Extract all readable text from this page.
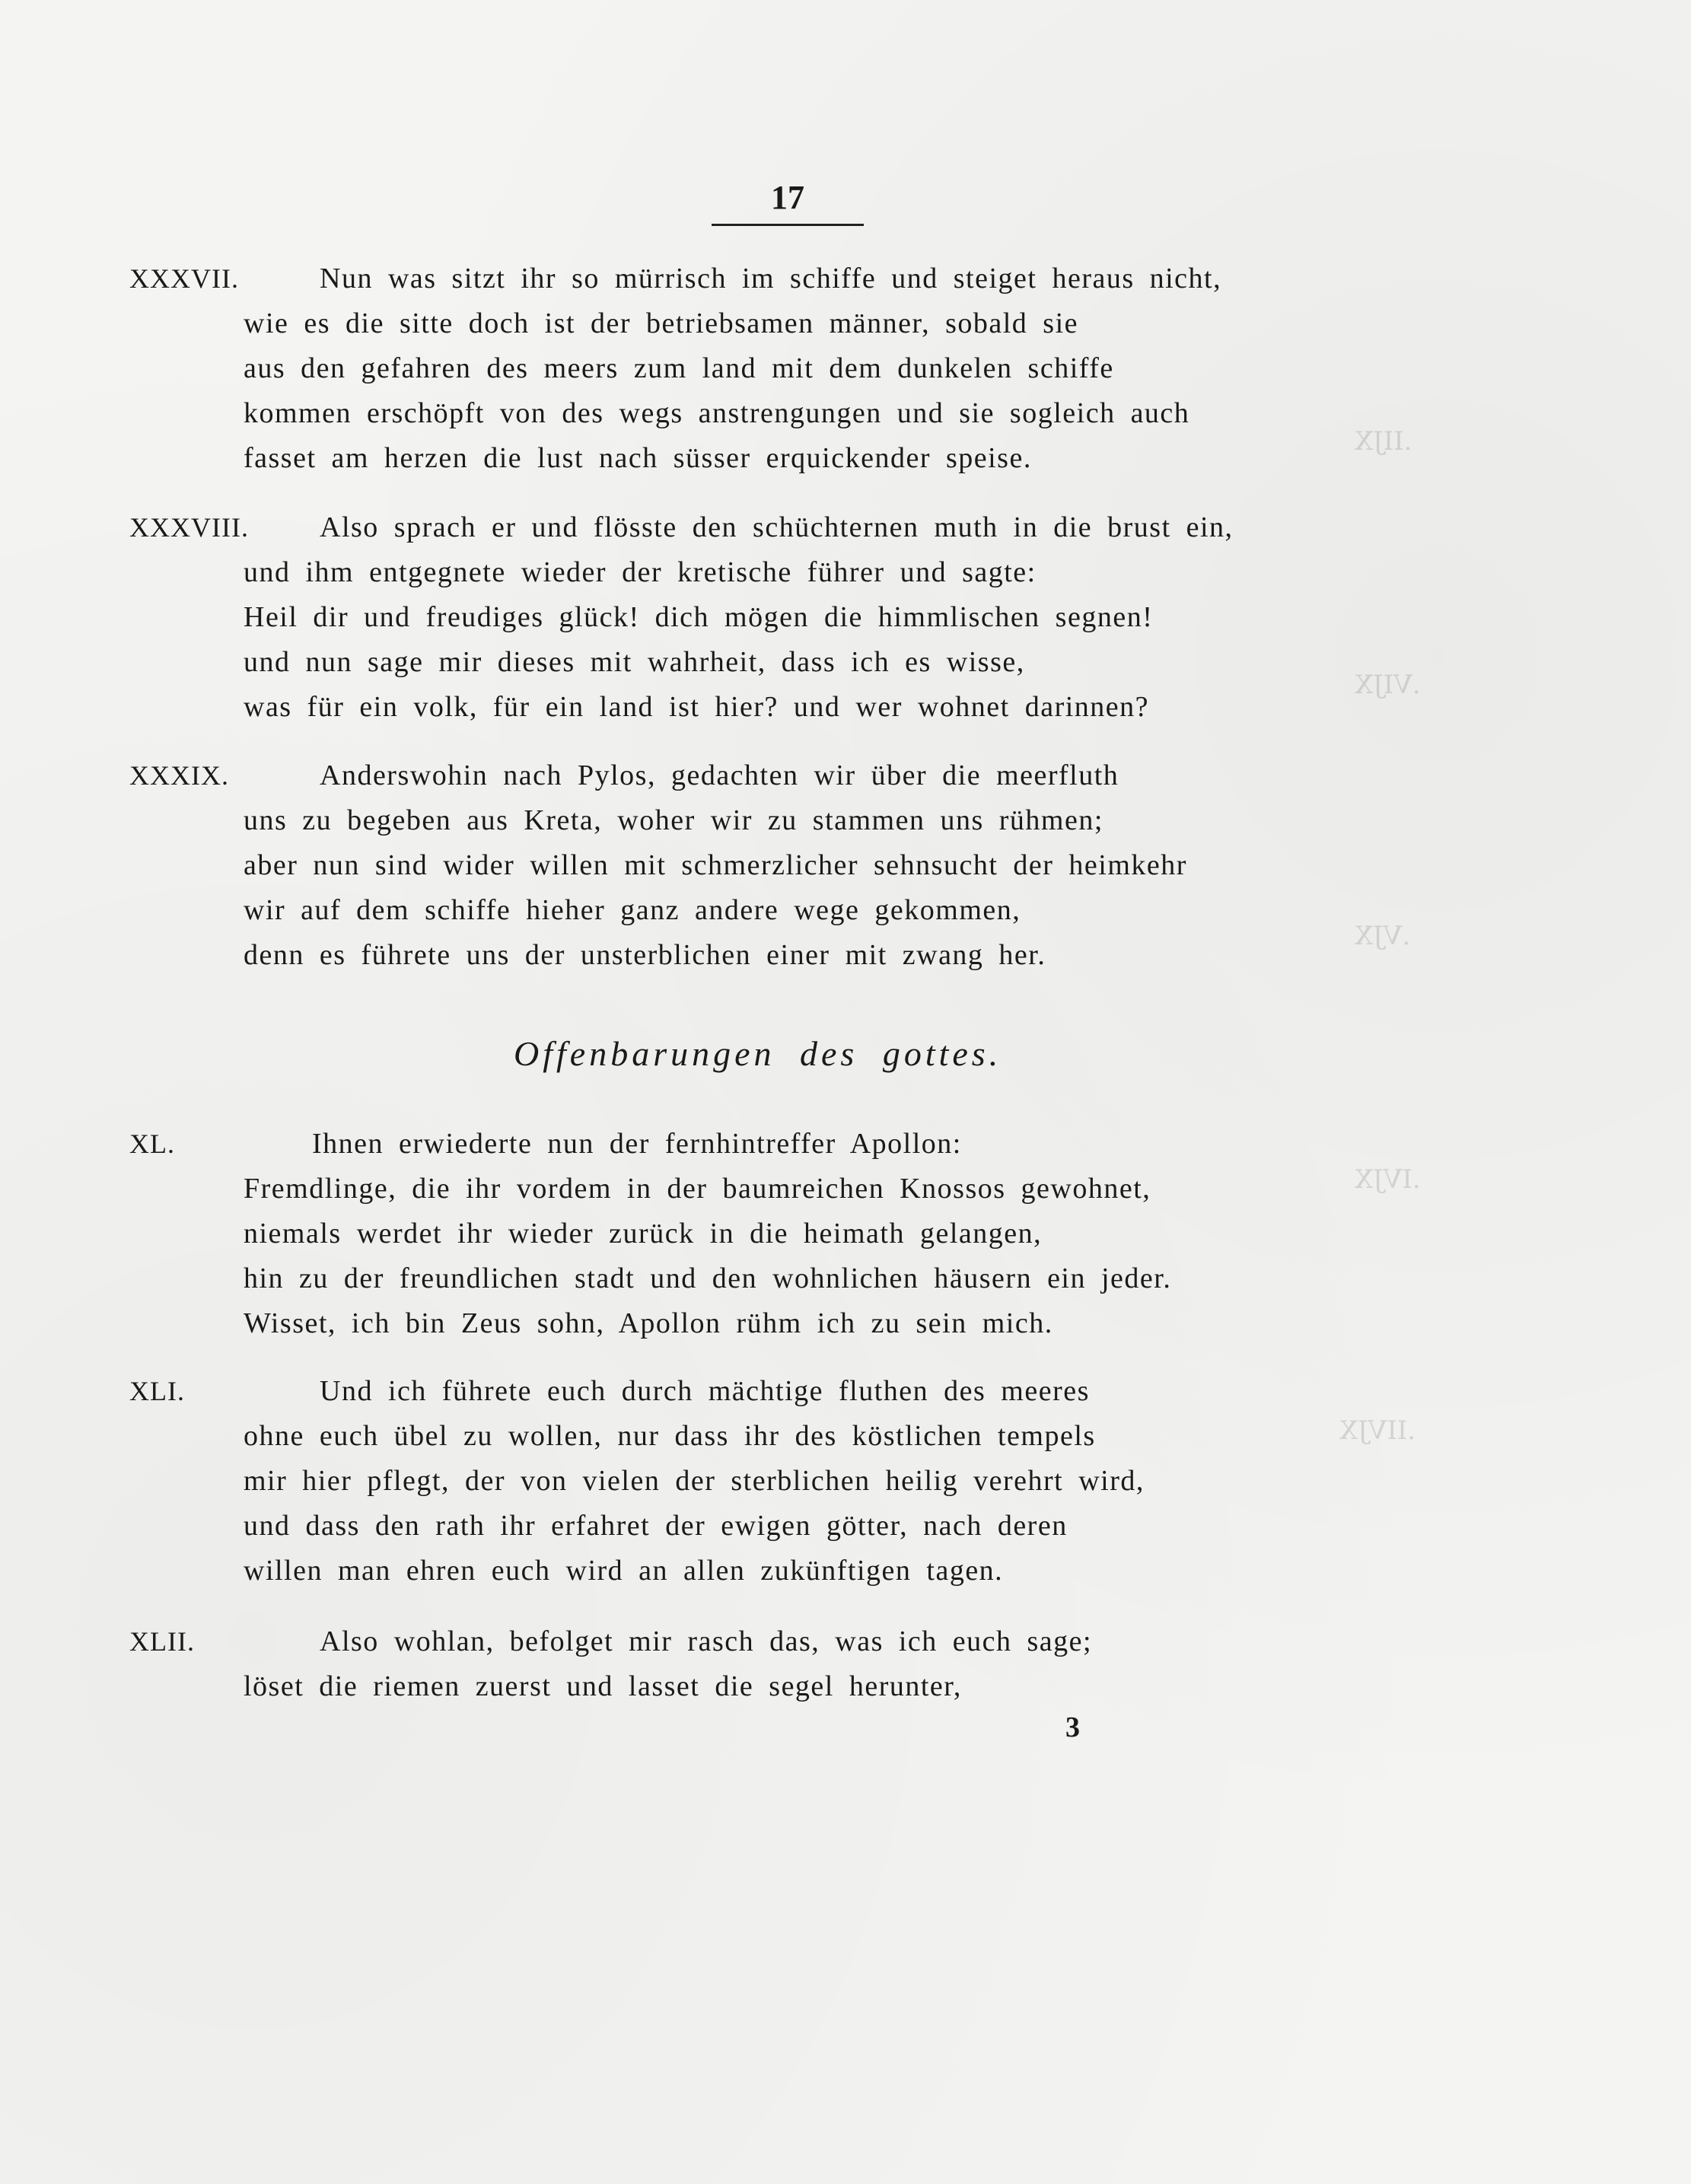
.IIJX
.VIJX
.VJX
.IVJX
.IIVJX
17
XXXVII.	Nun was sitzt ihr so mürrisch im schiffe und steiget heraus nicht,
wie es die sitte doch ist der betriebsamen männer, sobald sie
aus den gefahren des meers zum land mit dem dunkelen schiffe
kommen erschöpft von des wegs anstrengungen und sie sogleich auch
fasset am herzen die lust nach süsser erquickender speise.
XXXVIII. Also sprach er und flösste den schüchternen muth in die brust ein,
und ihm entgegnete wieder der kretische führer und sagte:
Heil dir und freudiges glück! dich mögen die himmlischen segnen!
und nun sage mir dieses mit wahrheit, dass ich es wisse,
was für ein volk, für ein land ist hier? und wer wohnet darinnen?
XXXIX.	Anderswohin nach Pylos, gedachten wir über die meerfluth
uns zu begeben aus Kreta, woher wir zu stammen uns rühmen;
aber nun sind wider willen mit schmerzlicher sehnsucht der heimkehr
wir auf dem schiffe hieher ganz andere wege gekommen,
denn es führete uns der unsterblichen einer mit zwang her.
Offenbarungen des gottes.
XL.	Ihnen erwiederte nun der fernhintreffer Apollon:
Fremdlinge, die ihr vordem in der baumreichen Knossos gewohnet,
niemals werdet ihr wieder zurück in die heimath gelangen,
hin zu der freundlichen stadt und den wohnlichen häusern ein jeder.
Wisset, ich bin Zeus sohn, Apollon rühm ich zu sein mich.
XLI.	Und ich führete euch durch mächtige fluthen des meeres
ohne euch übel zu wollen, nur dass ihr des köstlichen tempels
mir hier pflegt, der von vielen der sterblichen heilig verehrt wird,
und dass den rath ihr erfahret der ewigen götter, nach deren
willen man ehren euch wird an allen zukünftigen tagen.
XLII.	Also wohlan, befolget mir rasch das, was ich euch sage;
löset die riemen zuerst und lasset die segel herunter,
3
